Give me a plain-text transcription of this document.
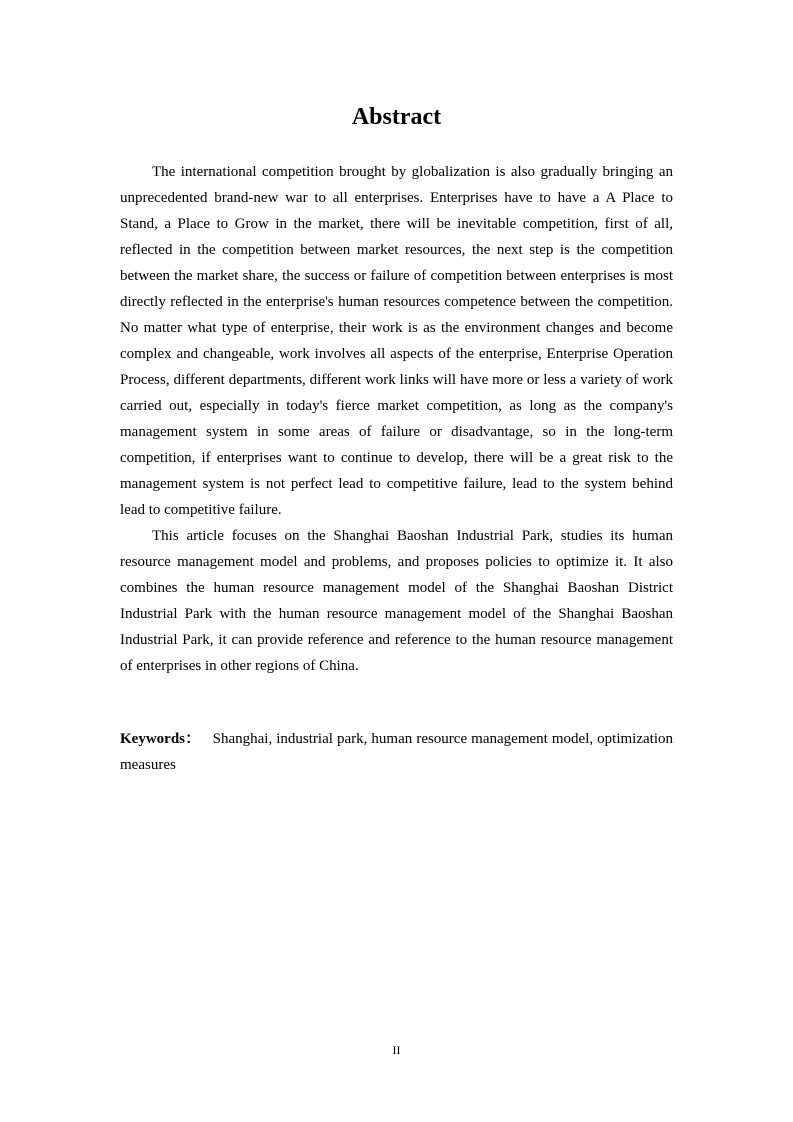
Abstract

The international competition brought by globalization is also gradually bringing an unprecedented brand-new war to all enterprises. Enterprises have to have a A Place to Stand, a Place to Grow in the market, there will be inevitable competition, first of all, reflected in the competition between market resources, the next step is the competition between the market share, the success or failure of competition between enterprises is most directly reflected in the enterprise's human resources competence between the competition. No matter what type of enterprise, their work is as the environment changes and become complex and changeable, work involves all aspects of the enterprise, Enterprise Operation Process, different departments, different work links will have more or less a variety of work carried out, especially in today's fierce market competition, as long as the company's management system in some areas of failure or disadvantage, so in the long-term competition, if enterprises want to continue to develop, there will be a great risk to the management system is not perfect lead to competitive failure, lead to the system behind lead to competitive failure.

This article focuses on the Shanghai Baoshan Industrial Park, studies its human resource management model and problems, and proposes policies to optimize it. It also combines the human resource management model of the Shanghai Baoshan District Industrial Park with the human resource management model of the Shanghai Baoshan Industrial Park, it can provide reference and reference to the human resource management of enterprises in other regions of China.

Keywords： Shanghai, industrial park, human resource management model, optimization measures

II
